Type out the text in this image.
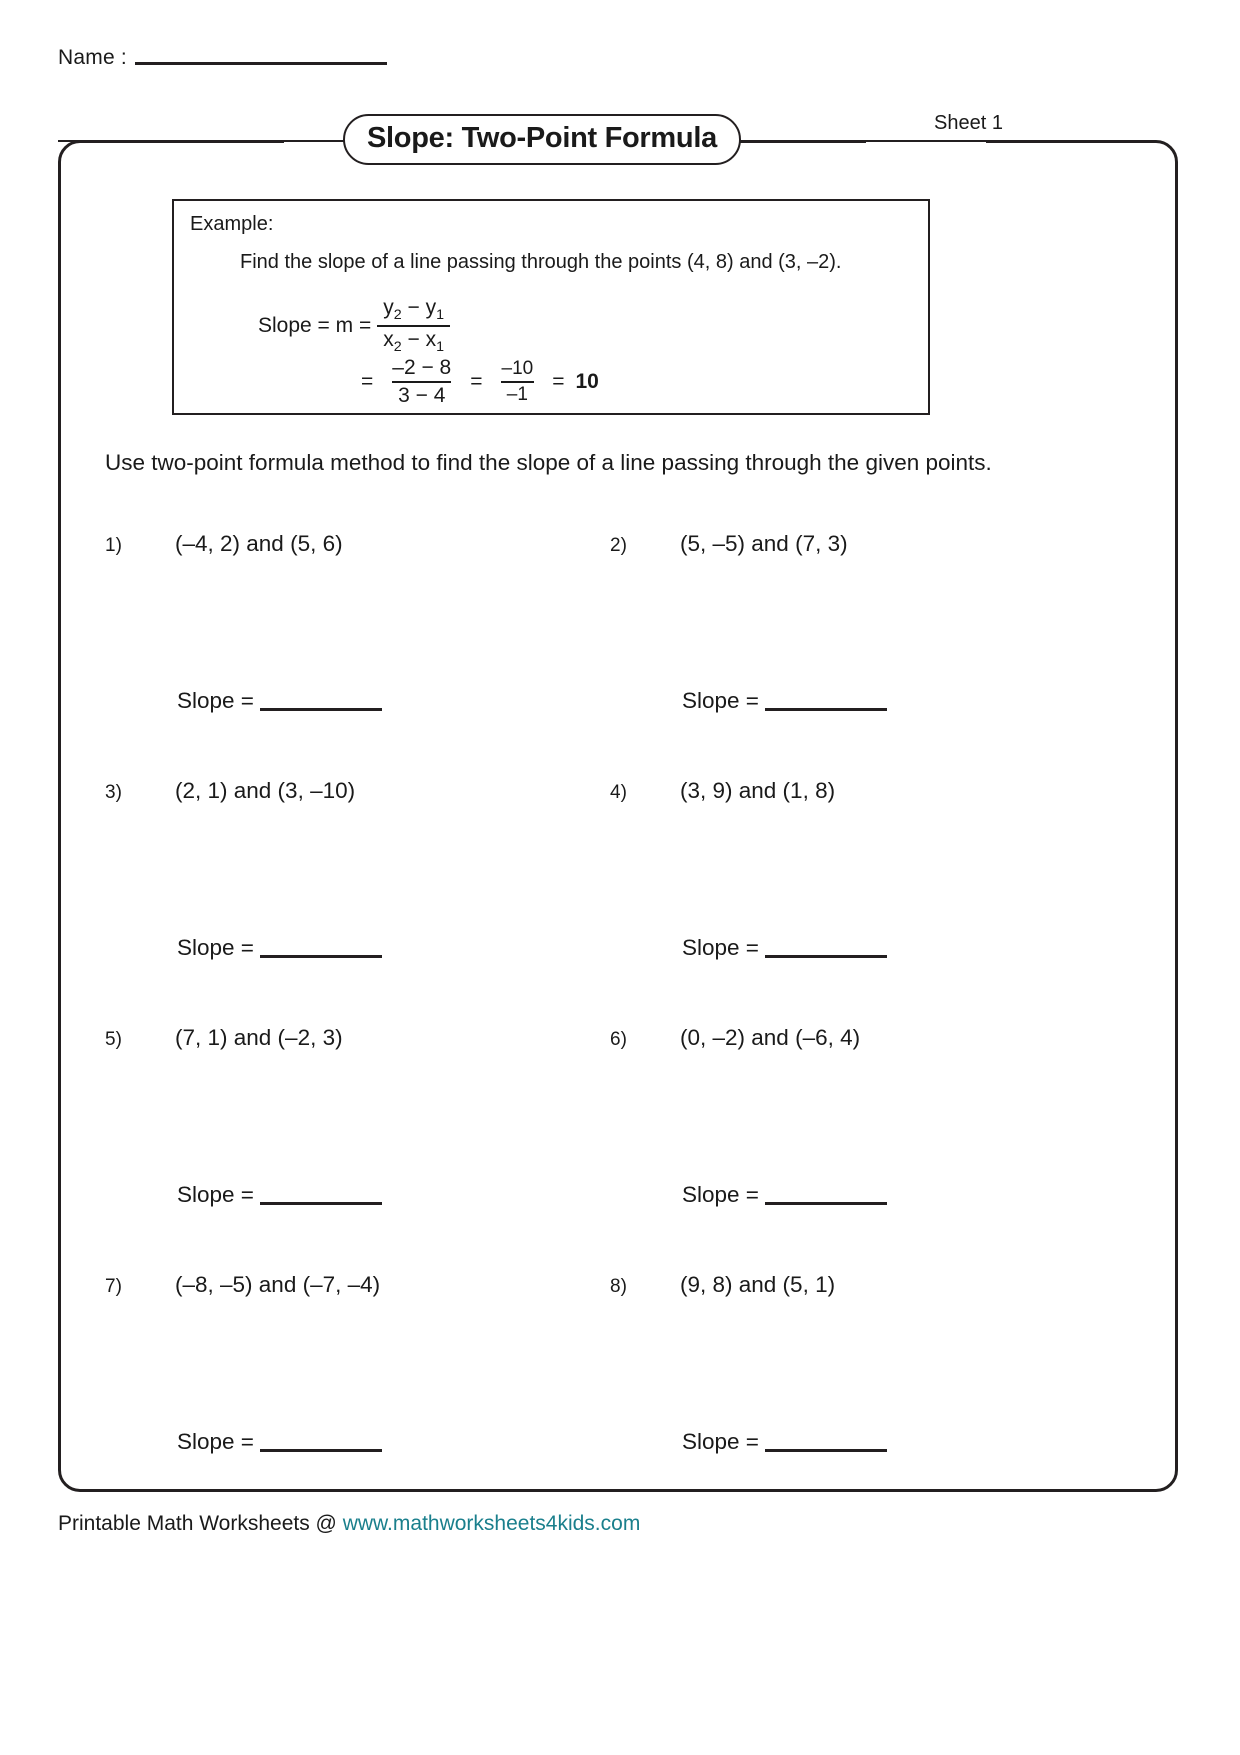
Name :
Slope: Two-Point Formula	Sheet 1
Example:
Find the slope of a line passing through the points (4, 8) and (3, –2).
Slope = $m = \frac{y_2 - y_1}{x_2 - x_1}$
= $\frac{-2 - 8}{3 - 4} = \frac{-10}{-1} = 10$
Use two-point formula method to find the slope of a line passing through the given points.
1) (–4, 2) and (5, 6)
Slope =
2) (5, –5) and (7, 3)
Slope =
3) (2, 1) and (3, –10)
Slope =
4) (3, 9) and (1, 8)
Slope =
5) (7, 1) and (–2, 3)
Slope =
6) (0, –2) and (–6, 4)
Slope =
7) (–8, –5) and (–7, –4)
Slope =
8) (9, 8) and (5, 1)
Slope =
Printable Math Worksheets @ www.mathworksheets4kids.com
